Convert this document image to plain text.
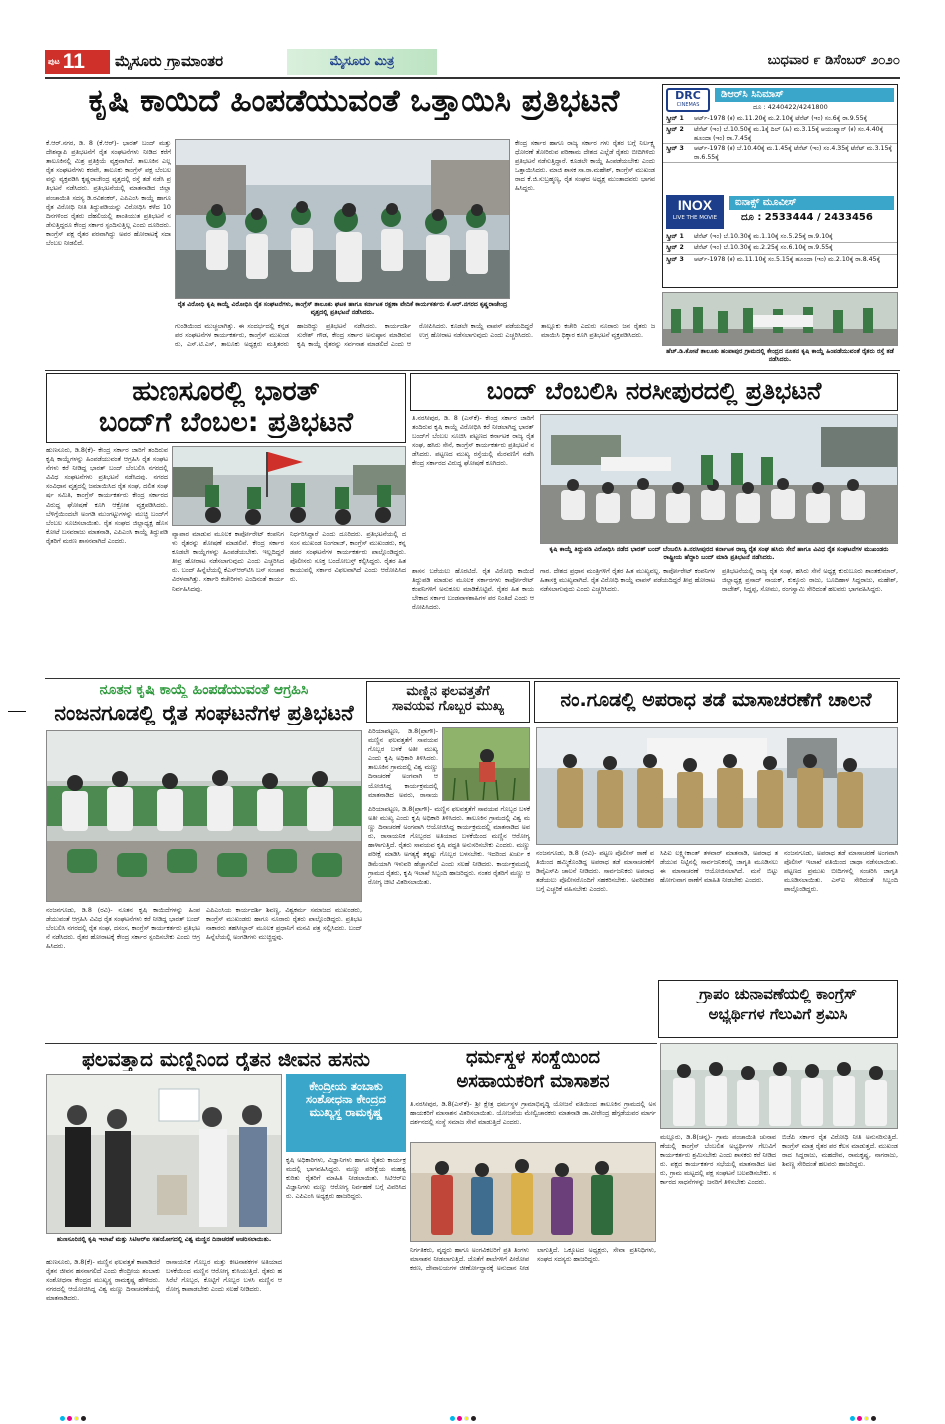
ಪುಟ 11 ಮೈಸೂರು ಗ್ರಾಮಾಂತರ	ಮೈಸೂರು ಮಿತ್ರ	ಬುಧವಾರ ೯ ಡಿಸೆಂಬರ್ ೨೦೨೦
ಕೃಷಿ ಕಾಯಿದೆ ಹಿಂಪಡೆಯುವಂತೆ ಒತ್ತಾಯಿಸಿ ಪ್ರತಿಭಟನೆ
ಕೆ.ಆರ್.ನಗರ, ಡಿ. 8 (ಕೆ.ಆರ್)- ಭಾರತ್ ಬಂದ್ ಮತ್ತು ದೇಶವ್ಯಾಪಿ ಪ್ರತಿಭಟನೆಗೆ ರೈತ ಸಂಘಟನೆಗಳು ನೀಡಿದ ಕರೆಗೆ ತಾಲೂಕಿನಲ್ಲಿ ಮಿಶ್ರ ಪ್ರತಿಕ್ರಿಯೆ ವ್ಯಕ್ತವಾಗಿದೆ. ತಾಲೂಕಿನ ಎಲ್ಲ ರೈತ ಸಂಘಟನೆಗಳು ಕರವೇ, ತಾಲೂಕು ಕಾಂಗ್ರೆಸ್ ಪಕ್ಷ ಬೆಂಬಲವನ್ನು ವ್ಯಕ್ತಪಡಿಸಿ ಕೃಷ್ಣರಾಜೇಂದ್ರ ವೃತ್ತದಲ್ಲಿ ರಸ್ತೆ ತಡೆ ನಡೆಸಿ ಪ್ರತಿಭಟನೆ ನಡೆಸಿದರು. ಪ್ರತಿಭಟನೆಯಲ್ಲಿ ಮಾತನಾಡಿದ ಜಿಲ್ಲಾ ಪಂಚಾಯಿತಿ ಸದಸ್ಯ ಡಿ.ರವಿಶಂಕರ್, ಎಪಿಎಂಸಿ ಕಾಯ್ದೆ ಹಾಗೂ ರೈತ ವಿರೋಧಿ ನೀತಿ ತಿದ್ದುಪಡಿಯನ್ನು ವಿರೋಧಿಸಿ ಕಳೆದ 10 ದಿನಗಳಿಂದ ರೈತರು ದೆಹಲಿಯಲ್ಲಿ ಶಾಂತಿಯುತ ಪ್ರತಿಭಟನೆ ನಡೆಸುತ್ತಿದ್ದರೂ ಕೇಂದ್ರ ಸರ್ಕಾರ ಸ್ಪಂದಿಸುತ್ತಿಲ್ಲ ಎಂದು ದೂರಿದರು. ಕಾಂಗ್ರೆಸ್ ಪಕ್ಷ ರೈತರ ಪರವಾಗಿದ್ದು ಅವರ ಹೋರಾಟಕ್ಕೆ ಸದಾ ಬೆಂಬಲ ನೀಡಲಿದೆ.
ರೈತ ವಿರೋಧಿ ಕೃಷಿ ಕಾಯ್ದೆ ವಿರೋಧಿಸಿ ರೈತ ಸಂಘಟನೆಗಳು, ಕಾಂಗ್ರೆಸ್ ತಾಲೂಕು ಘಟಕ ಹಾಗೂ ಕರ್ನಾಟಕ ರಕ್ಷಣಾ ವೇದಿಕೆ ಕಾರ್ಯಕರ್ತರು ಕೆ.ಆರ್.ನಗರದ ಕೃಷ್ಣರಾಜೇಂದ್ರ ವೃತ್ತದಲ್ಲಿ ಪ್ರತಿಭಟನೆ ನಡೆಸಿದರು.
ಕೇಂದ್ರ ಸರ್ಕಾರ ಹಾಗೂ ರಾಜ್ಯ ಸರ್ಕಾರ ಗಳು ರೈತರ ಬಗ್ಗೆ ನಿರ್ಲಕ್ಷ್ಯ ಧೋರಣೆ ತೋರಿರುವ ಪರಿಣಾಮ ದೇಶದ ಎಲ್ಲೆಡೆ ರೈತರು ಬೀದಿಗಿಳಿದು ಪ್ರತಿಭಟನೆ ನಡೆಸುತ್ತಿದ್ದಾರೆ. ಕೂಡಲೇ ಕಾಯ್ದೆ ಹಿಂಪಡೆಯಬೇಕು ಎಂದು ಒತ್ತಾಯಿಸಿದರು. ಮಾಜಿ ಶಾಸಕ ಸಾ.ರಾ.ಮಹೇಶ್, ಕಾಂಗ್ರೆಸ್ ಮುಖಂಡರಾದ ಕೆ.ಜಿ.ಸುಬ್ರಹ್ಮಣ್ಯ, ರೈತ ಸಂಘದ ಅಧ್ಯಕ್ಷ ಮುಂತಾದವರು ಭಾಗವಹಿಸಿದ್ದರು.
ಗುಂಡಿಯಿಂದ ಮುಚ್ಚಲಾಗಿತ್ತು. ಈ ಸಂದರ್ಭದಲ್ಲಿ ಕನ್ನಡ ಪರ ಸಂಘಟನೆಗಳ ಕಾರ್ಯಕರ್ತರು, ಕಾಂಗ್ರೆಸ್ ಮುಖಂಡರು, ಎಸ್.ಟಿ.ಎಸ್, ತಾಲೂಕು ಅಧ್ಯಕ್ಷರು ಮತ್ತಿತರರು ಹಾಜರಿದ್ದು ಪ್ರತಿಭಟನೆ ನಡೆಸಿದರು. ಕಾರ್ಯದರ್ಶಿ ಸುರೇಶ್ ಗೌಡ, ಕೇಂದ್ರ ಸರ್ಕಾರ ಅನುಷ್ಠಾನ ಮಾಡಿರುವ ಕೃಷಿ ಕಾಯ್ದೆ ರೈತರನ್ನು ಸರ್ವನಾಶ ಮಾಡಲಿದೆ ಎಂದು ಆರೋಪಿಸಿದರು. ಕೂಡಲೇ ಕಾಯ್ದೆ ವಾಪಸ್ ಪಡೆಯದಿದ್ದರೆ ಉಗ್ರ ಹೋರಾಟ ನಡೆಸಲಾಗುವುದು ಎಂದು ಎಚ್ಚರಿಸಿದರು. ತಾಲ್ಲೂಕು ಕಚೇರಿ ಎದುರು ನೂರಾರು ಜನ ರೈತರು ಜಮಾಯಿಸಿ ಧಿಕ್ಕಾರ ಕೂಗಿ ಪ್ರತಿಭಟನೆ ವ್ಯಕ್ತಪಡಿಸಿದರು.
DRC
CINEMAS
ಡಿಆರ್‌ಸಿ ಸಿನಿಮಾಸ್
ದೂ : 4240422/4241800
ಸ್ಕ್ರೀನ್ 1	ಆರ್ಟ್-1978 (ಕ) ಮ.11.20ಕ್ಕೆ ಮ.2.10ಕ್ಕೆ ಟೆನೆಟ್ (ಇಂ) ಸಂ.6ಕ್ಕೆ ರಾ.9.55ಕ್ಕೆ
ಸ್ಕ್ರೀನ್ 2	ಟೆನೆಟ್ (ಇಂ) ಬೆ.10.50ಕ್ಕೆ ಮ.1ಕ್ಕೆ ದಿಲ್ (ಹಿ) ಮ.3.15ಕ್ಕೆ ಆಯುಷ್ಮಾನ್ (ಕ) ಸಂ.4.40ಕ್ಕೆ ಹೂಂದಾ (ಇಂ) ರಾ.7.45ಕ್ಕೆ
ಸ್ಕ್ರೀನ್ 3	ಆರ್ಟ್-1978 (ಕ) ಬೆ.10.40ಕ್ಕೆ ಮ.1.45ಕ್ಕೆ ಟೆನೆಟ್ (ಇಂ) ಸಂ.4.35ಕ್ಕೆ ಟೆನೆಟ್ ಮ.3.15ಕ್ಕೆ ರಾ.6.55ಕ್ಕೆ
INOX
LIVE THE MOVIE
ಐನಾಕ್ಸ್ ಮೂವೀಸ್
ದೂ : 2533444 / 2433456
ಸ್ಕ್ರೀನ್ 1	ಟೆನೆಟ್ (ಇಂ) ಬೆ.10.30ಕ್ಕೆ ಮ.1.10ಕ್ಕೆ ಸಂ.5.25ಕ್ಕೆ ರಾ.9.10ಕ್ಕೆ
ಸ್ಕ್ರೀನ್ 2	ಟೆನೆಟ್ (ಇಂ) ಬೆ.10.30ಕ್ಕೆ ಮ.2.25ಕ್ಕೆ ಸಂ.6.10ಕ್ಕೆ ರಾ.9.55ಕ್ಕೆ
ಸ್ಕ್ರೀನ್ 3	ಆರ್ಟ್-1978 (ಕ) ಮ.11.10ಕ್ಕೆ ಸಂ.5.15ಕ್ಕೆ ಹೂಂದಾ (ಇಂ) ಮ.2.10ಕ್ಕೆ ರಾ.8.45ಕ್ಕೆ
ಹೆಚ್.ಡಿ.ಕೋಟೆ ತಾಲೂಕು ಹಂಪಾಪುರ ಗ್ರಾಮದಲ್ಲಿ ಕೇಂದ್ರದ ನೂತನ ಕೃಷಿ ಕಾಯ್ದೆ ಹಿಂಪಡೆಯುವಂತೆ ರೈತರು ರಸ್ತೆ ತಡೆ ನಡೆಸಿದರು.
ಹುಣಸೂರಲ್ಲಿ ಭಾರತ್
ಬಂದ್‌ಗೆ ಬೆಂಬಲ: ಪ್ರತಿಭಟನೆ
ಹುಣಸೂರು, ಡಿ.8(ಕೆ)- ಕೇಂದ್ರ ಸರ್ಕಾರ ಜಾರಿಗೆ ತಂದಿರುವ ಕೃಷಿ ಕಾಯ್ದೆಗಳನ್ನು ಹಿಂಪಡೆಯುವಂತೆ ಆಗ್ರಹಿಸಿ ರೈತ ಸಂಘಟನೆಗಳು ಕರೆ ನೀಡಿದ್ದ ಭಾರತ್ ಬಂದ್ ಬೆಂಬಲಿಸಿ ನಗರದಲ್ಲಿ ವಿವಿಧ ಸಂಘಟನೆಗಳು ಪ್ರತಿಭಟನೆ ನಡೆಸಿದವು. ನಗರದ ಸಂವಿಧಾನ ವೃತ್ತದಲ್ಲಿ ಜಮಾಯಿಸಿದ ರೈತ ಸಂಘ, ದಲಿತ ಸಂಘರ್ಷ ಸಮಿತಿ, ಕಾಂಗ್ರೆಸ್ ಕಾರ್ಯಕರ್ತರು ಕೇಂದ್ರ ಸರ್ಕಾರದ ವಿರುದ್ಧ ಘೋಷಣೆ ಕೂಗಿ ಆಕ್ರೋಶ ವ್ಯಕ್ತಪಡಿಸಿದರು. ಬೆಳಿಗ್ಗೆಯಿಂದಲೇ ಅಂಗಡಿ ಮುಂಗಟ್ಟುಗಳನ್ನು ಮುಚ್ಚಿ ಬಂದ್‌ಗೆ ಬೆಂಬಲ ಸೂಚಿಸಲಾಯಿತು. ರೈತ ಸಂಘದ ಜಿಲ್ಲಾಧ್ಯಕ್ಷ ಹೊಸಕೋಟೆ ಬಸವರಾಜು ಮಾತನಾಡಿ, ಎಪಿಎಂಸಿ ಕಾಯ್ದೆ ತಿದ್ದುಪಡಿ ರೈತರಿಗೆ ಮರಣ ಶಾಸನವಾಗಿದೆ ಎಂದರು.
ವ್ಯಾಪಾರ ಮಾಡುವ ಮೂಲಕ ಕಾರ್ಪೋರೇಟ್ ಕಂಪನಿಗಳು ರೈತರನ್ನು ಶೋಷಣೆ ಮಾಡಲಿವೆ. ಕೇಂದ್ರ ಸರ್ಕಾರ ಕೂಡಲೇ ಕಾಯ್ದೆಗಳನ್ನು ಹಿಂಪಡೆಯಬೇಕು. ಇಲ್ಲದಿದ್ದರೆ ತೀವ್ರ ಹೋರಾಟ ನಡೆಸಲಾಗುವುದು ಎಂದು ಎಚ್ಚರಿಸಿದರು. ಬಂದ್ ಹಿನ್ನೆಲೆಯಲ್ಲಿ ಕೆಎಸ್‌ಆರ್‌ಟಿಸಿ ಬಸ್ ಸಂಚಾರ ವಿರಳವಾಗಿತ್ತು. ಸರ್ಕಾರಿ ಕಚೇರಿಗಳು ಎಂದಿನಂತೆ ಕಾರ್ಯನಿರ್ವಹಿಸಿದವು.
ನಿರ್ಧರಿಸಿದ್ದಾರೆ ಎಂದು ದೂರಿದರು. ಪ್ರತಿಭಟನೆಯಲ್ಲಿ ದಸಂಸ ಮುಖಂಡ ನಿಂಗರಾಜ್, ಕಾಂಗ್ರೆಸ್ ಮುಖಂಡರು, ಕನ್ನಡಪರ ಸಂಘಟನೆಗಳ ಕಾರ್ಯಕರ್ತರು ಪಾಲ್ಗೊಂಡಿದ್ದರು. ಪೊಲೀಸರು ಸೂಕ್ತ ಬಂದೋಬಸ್ತ್ ಕಲ್ಪಿಸಿದ್ದರು. ರೈತರ ಹಿತ ಕಾಯುವಲ್ಲಿ ಸರ್ಕಾರ ವಿಫಲವಾಗಿದೆ ಎಂದು ಆರೋಪಿಸಿದರು.
ಬಂದ್ ಬೆಂಬಲಿಸಿ ನರಸೀಪುರದಲ್ಲಿ ಪ್ರತಿಭಟನೆ
ತಿ.ನರಸೀಪುರ, ಡಿ. 8 (ಎಸ್‌ಕೆ)- ಕೇಂದ್ರ ಸರ್ಕಾರ ಜಾರಿಗೆ ತಂದಿರುವ ಕೃಷಿ ಕಾಯ್ದೆ ವಿರೋಧಿಸಿ ಕರೆ ನೀಡಲಾಗಿದ್ದ ಭಾರತ್ ಬಂದ್‌ಗೆ ಬೆಂಬಲ ಸೂಚಿಸಿ ಪಟ್ಟಣದ ಕರ್ನಾಟಕ ರಾಜ್ಯ ರೈತ ಸಂಘ, ಹಸಿರು ಸೇನೆ, ಕಾಂಗ್ರೆಸ್ ಕಾರ್ಯಕರ್ತರು ಪ್ರತಿಭಟನೆ ನಡೆಸಿದರು. ಪಟ್ಟಣದ ಮುಖ್ಯ ರಸ್ತೆಯಲ್ಲಿ ಮೆರವಣಿಗೆ ನಡೆಸಿ ಕೇಂದ್ರ ಸರ್ಕಾರದ ವಿರುದ್ಧ ಘೋಷಣೆ ಕೂಗಿದರು.
ಕೃಷಿ ಕಾಯ್ದೆ ತಿದ್ದುಪಡಿ ವಿರೋಧಿಸಿ ನಡೆದ ಭಾರತ್ ಬಂದ್ ಬೆಂಬಲಿಸಿ ತಿ.ನರಸೀಪುರದ ಕರ್ನಾಟಕ ರಾಜ್ಯ ರೈತ ಸಂಘ ಹಸಿರು ಸೇನೆ ಹಾಗೂ ವಿವಿಧ ರೈತ ಸಂಘಟನೆಗಳ ಮುಖಂಡರು ರಾಷ್ಟ್ರೀಯ ಹೆದ್ದಾರಿ ಬಂದ್ ಮಾಡಿ ಪ್ರತಿಭಟನೆ ನಡೆಸಿದರು.
ಶಾಸನ ಬರೆಯಲು ಹೊರಟಿದೆ. ರೈತ ವಿರೋಧಿ ಕಾಯಿದೆ ತಿದ್ದುಪಡಿ ಮಾಡುವ ಮೂಲಕ ಸರ್ಕಾರಗಳು ಕಾರ್ಪೋರೇಟ್ ಕಂಪನಿಗಳಿಗೆ ಅನುಕೂಲ ಮಾಡಿಕೊಟ್ಟಿವೆ. ರೈತರ ಹಿತ ಕಾಯಬೇಕಾದ ಸರ್ಕಾರ ಬಂಡವಾಳಶಾಹಿಗಳ ಪರ ನಿಂತಿದೆ ಎಂದು ಆರೋಪಿಸಿದರು.
ಗಾರ. ದೇಶದ ಪ್ರಧಾನ ಮಂತ್ರಿಗಳಿಗೆ ರೈತರ ಹಿತ ಮುಖ್ಯವಲ್ಲ. ಕಾರ್ಪೋರೇಟ್ ಕಂಪನಿಗಳ ಹಿತಾಸಕ್ತಿ ಮುಖ್ಯವಾಗಿದೆ. ರೈತ ವಿರೋಧಿ ಕಾಯ್ದೆ ವಾಪಸ್ ಪಡೆಯದಿದ್ದರೆ ತೀವ್ರ ಹೋರಾಟ ನಡೆಸಲಾಗುವುದು ಎಂದು ಎಚ್ಚರಿಸಿದರು.
ಪ್ರತಿಭಟನೆಯಲ್ಲಿ ರಾಜ್ಯ ರೈತ ಸಂಘ, ಹಸಿರು ಸೇನೆ ಅಧ್ಯಕ್ಷ ಕುರುಬೂರು ಶಾಂತಕುಮಾರ್, ಜಿಲ್ಲಾಧ್ಯಕ್ಷ ಪ್ರಸಾದ್ ನಾಯಕ್, ಕುಕ್ಕೂರು ರಾಜು, ಬೂದಿಹಾಳ ಸಿದ್ದರಾಜು, ಮಹೇಶ್, ರಾಜೇಶ್, ಸಿದ್ದಪ್ಪ, ಸೋಮು, ರಂಗಸ್ವಾಮಿ ಸೇರಿದಂತೆ ಹಲವರು ಭಾಗವಹಿಸಿದ್ದರು.
ನೂತನ ಕೃಷಿ ಕಾಯ್ದೆ ಹಿಂಪಡೆಯುವಂತೆ ಆಗ್ರಹಿಸಿ
ನಂಜನಗೂಡಲ್ಲಿ ರೈತ ಸಂಘಟನೆಗಳ ಪ್ರತಿಭಟನೆ
ನಂಜನಗೂಡು, ಡಿ.8 (ರವಿ)- ನೂತನ ಕೃಷಿ ಕಾಯಿದೆಗಳನ್ನು ಹಿಂಪಡೆಯುವಂತೆ ಆಗ್ರಹಿಸಿ ವಿವಿಧ ರೈತ ಸಂಘಟನೆಗಳು ಕರೆ ನೀಡಿದ್ದ ಭಾರತ್ ಬಂದ್ ಬೆಂಬಲಿಸಿ ನಗರದಲ್ಲಿ ರೈತ ಸಂಘ, ದಸಂಸ, ಕಾಂಗ್ರೆಸ್ ಕಾರ್ಯಕರ್ತರು ಪ್ರತಿಭಟನೆ ನಡೆಸಿದರು. ರೈತರ ಹೋರಾಟಕ್ಕೆ ಕೇಂದ್ರ ಸರ್ಕಾರ ಸ್ಪಂದಿಸಬೇಕು ಎಂದು ಆಗ್ರಹಿಸಿದರು.
ಎಪಿಎಂಸಿಯ ಕಾರ್ಯದರ್ಶಿ ಶಿವಣ್ಣ, ವಿಶ್ವಕರ್ಮ ಸಮಾಜದ ಮುಖಂಡರು, ಕಾಂಗ್ರೆಸ್ ಮುಖಂಡರು ಹಾಗೂ ನೂರಾರು ರೈತರು ಪಾಲ್ಗೊಂಡಿದ್ದರು. ಪ್ರತಿಭಟನಾಕಾರರು ತಹಸೀಲ್ದಾರ್ ಮೂಲಕ ಪ್ರಧಾನಿಗೆ ಮನವಿ ಪತ್ರ ಸಲ್ಲಿಸಿದರು. ಬಂದ್ ಹಿನ್ನೆಲೆಯಲ್ಲಿ ಅಂಗಡಿಗಳು ಮುಚ್ಚಿದ್ದವು.
ಮಣ್ಣಿನ ಫಲವತ್ತತೆಗೆ
ಸಾವಯವ ಗೊಬ್ಬರ ಮುಖ್ಯ
ಪಿರಿಯಾಪಟ್ಟಣ, ಡಿ.8(ಪ್ರಾಗೌ)- ಮಣ್ಣಿನ ಫಲವತ್ತತೆಗೆ ಸಾವಯವ ಗೊಬ್ಬರ ಬಳಕೆ ಅತೀ ಮುಖ್ಯ ಎಂದು ಕೃಷಿ ಅಧಿಕಾರಿ ತಿಳಿಸಿದರು. ತಾಲೂಕಿನ ಗ್ರಾಮದಲ್ಲಿ ವಿಶ್ವ ಮಣ್ಣು ದಿನಾಚರಣೆ ಅಂಗವಾಗಿ ಆಯೋಜಿಸಿದ್ದ ಕಾರ್ಯಕ್ರಮದಲ್ಲಿ ಮಾತನಾಡಿದ ಅವರು, ರಾಸಾಯ
ನಂ.ಗೂಡಲ್ಲಿ ಅಪರಾಧ ತಡೆ ಮಾಸಾಚರಣೆಗೆ ಚಾಲನೆ
ಪಿರಿಯಾಪಟ್ಟಣ, ಡಿ.8(ಪ್ರಾಗೌ)- ಮಣ್ಣಿನ ಫಲವತ್ತತೆಗೆ ಸಾವಯವ ಗೊಬ್ಬರ ಬಳಕೆ ಅತೀ ಮುಖ್ಯ ಎಂದು ಕೃಷಿ ಅಧಿಕಾರಿ ತಿಳಿಸಿದರು. ತಾಲೂಕಿನ ಗ್ರಾಮದಲ್ಲಿ ವಿಶ್ವ ಮಣ್ಣು ದಿನಾಚರಣೆ ಅಂಗವಾಗಿ ಆಯೋಜಿಸಿದ್ದ ಕಾರ್ಯಕ್ರಮದಲ್ಲಿ ಮಾತನಾಡಿದ ಅವರು, ರಾಸಾಯನಿಕ ಗೊಬ್ಬರದ ಅತಿಯಾದ ಬಳಕೆಯಿಂದ ಮಣ್ಣಿನ ಆರೋಗ್ಯ ಹಾಳಾಗುತ್ತಿದೆ. ರೈತರು ಸಾವಯವ ಕೃಷಿ ಪದ್ಧತಿ ಅನುಸರಿಸಬೇಕು ಎಂದರು. ಮಣ್ಣು ಪರೀಕ್ಷೆ ಮಾಡಿಸಿ ಅಗತ್ಯಕ್ಕೆ ತಕ್ಕಷ್ಟು ಗೊಬ್ಬರ ಬಳಸಬೇಕು. ಇದರಿಂದ ಖರ್ಚು ಕಡಿಮೆಯಾಗಿ ಇಳುವರಿ ಹೆಚ್ಚಾಗಲಿದೆ ಎಂದು ಸಲಹೆ ನೀಡಿದರು. ಕಾರ್ಯಕ್ರಮದಲ್ಲಿ ಗ್ರಾಮದ ರೈತರು, ಕೃಷಿ ಇಲಾಖೆ ಸಿಬ್ಬಂದಿ ಹಾಜರಿದ್ದರು. ನಂತರ ರೈತರಿಗೆ ಮಣ್ಣು ಆರೋಗ್ಯ ಚೀಟಿ ವಿತರಿಸಲಾಯಿತು.
ನಂಜನಗೂಡು, ಡಿ.8 (ರವಿ)- ಪಟ್ಟಣ ಪೊಲೀಸ್ ಠಾಣೆ ವತಿಯಿಂದ ಹಮ್ಮಿಕೊಂಡಿದ್ದ ಅಪರಾಧ ತಡೆ ಮಾಸಾಚರಣೆಗೆ ಡಿವೈಎಸ್‌ಪಿ ಚಾಲನೆ ನೀಡಿದರು. ಸಾರ್ವಜನಿಕರು ಅಪರಾಧ ತಡೆಯಲು ಪೊಲೀಸರೊಂದಿಗೆ ಸಹಕರಿಸಬೇಕು. ಅಪರಿಚಿತರ ಬಗ್ಗೆ ಎಚ್ಚರಿಕೆ ವಹಿಸಬೇಕು ಎಂದರು.
ಸಿಪಿಐ ಲಕ್ಷ್ಮೀಕಾಂತ್ ತಳವಾರ್ ಮಾತನಾಡಿ, ಅಪರಾಧ ತಡೆಯುವ ನಿಟ್ಟಿನಲ್ಲಿ ಸಾರ್ವಜನಿಕರಲ್ಲಿ ಜಾಗೃತಿ ಮೂಡಿಸಲು ಈ ಮಾಸಾಚರಣೆ ಆಯೋಜಿಸಲಾಗಿದೆ. ಮನೆ ಬಿಟ್ಟು ಹೋಗುವಾಗ ಠಾಣೆಗೆ ಮಾಹಿತಿ ನೀಡಬೇಕು ಎಂದರು.
ನಂಜನಗೂಡು, ಅಪರಾಧ ತಡೆ ಮಾಸಾಚರಣೆ ಅಂಗವಾಗಿ ಪೊಲೀಸ್ ಇಲಾಖೆ ವತಿಯಿಂದ ಜಾಥಾ ನಡೆಸಲಾಯಿತು. ಪಟ್ಟಣದ ಪ್ರಮುಖ ಬೀದಿಗಳಲ್ಲಿ ಸಂಚರಿಸಿ ಜಾಗೃತಿ ಮೂಡಿಸಲಾಯಿತು. ಎಸ್‌ಐ ಸೇರಿದಂತೆ ಸಿಬ್ಬಂದಿ ಪಾಲ್ಗೊಂಡಿದ್ದರು.
ಗ್ರಾಪಂ ಚುನಾವಣೆಯಲ್ಲಿ ಕಾಂಗ್ರೆಸ್
ಅಭ್ಯರ್ಥಿಗಳ ಗೆಲುವಿಗೆ ಶ್ರಮಿಸಿ
ಮಲ್ಲೂರು, ಡಿ.8(ಚನ್ನ)- ಗ್ರಾಮ ಪಂಚಾಯಿತಿ ಚುನಾವಣೆಯಲ್ಲಿ ಕಾಂಗ್ರೆಸ್ ಬೆಂಬಲಿತ ಅಭ್ಯರ್ಥಿಗಳ ಗೆಲುವಿಗೆ ಕಾರ್ಯಕರ್ತರು ಶ್ರಮಿಸಬೇಕು ಎಂದು ಶಾಸಕರು ಕರೆ ನೀಡಿದರು. ಪಕ್ಷದ ಕಾರ್ಯಕರ್ತರ ಸಭೆಯಲ್ಲಿ ಮಾತನಾಡಿದ ಅವರು, ಗ್ರಾಮ ಮಟ್ಟದಲ್ಲಿ ಪಕ್ಷ ಸಂಘಟನೆ ಬಲಪಡಿಸಬೇಕು. ಸರ್ಕಾರದ ಸಾಧನೆಗಳನ್ನು ಜನರಿಗೆ ತಿಳಿಸಬೇಕು ಎಂದರು.
ಬಿಜೆಪಿ ಸರ್ಕಾರ ರೈತ ವಿರೋಧಿ ನೀತಿ ಅನುಸರಿಸುತ್ತಿದೆ. ಕಾಂಗ್ರೆಸ್ ಮಾತ್ರ ರೈತರ ಪರ ಕೆಲಸ ಮಾಡುತ್ತದೆ. ಮುಖಂಡರಾದ ಸಿದ್ದರಾಜು, ಮಹದೇವ, ರಾಮಕೃಷ್ಣ, ನಾಗರಾಜು, ಶಿವಣ್ಣ ಸೇರಿದಂತೆ ಹಲವರು ಹಾಜರಿದ್ದರು.
ಫಲವತ್ತಾದ ಮಣ್ಣಿನಿಂದ ರೈತನ ಜೀವನ ಹಸನು
ಕೇಂದ್ರೀಯ ತಂಬಾಕು
ಸಂಶೋಧನಾ ಕೇಂದ್ರದ
ಮುಖ್ಯಸ್ಥ ರಾಮಕೃಷ್ಣ
ಕೃಷಿ ಅಧಿಕಾರಿಗಳು, ವಿಜ್ಞಾನಿಗಳು ಹಾಗೂ ರೈತರು ಕಾರ್ಯಕ್ರಮದಲ್ಲಿ ಭಾಗವಹಿಸಿದ್ದರು. ಮಣ್ಣು ಪರೀಕ್ಷೆಯ ಮಹತ್ವ ಕುರಿತು ರೈತರಿಗೆ ಮಾಹಿತಿ ನೀಡಲಾಯಿತು. ಸಿಟಿಆರ್‌ಐ ವಿಜ್ಞಾನಿಗಳು ಮಣ್ಣು ಆರೋಗ್ಯ ನಿರ್ವಹಣೆ ಬಗ್ಗೆ ವಿವರಿಸಿದರು. ಎಪಿಎಂಸಿ ಅಧ್ಯಕ್ಷರು ಹಾಜರಿದ್ದರು.
ಹುಣಸೂರಿನಲ್ಲಿ ಕೃಷಿ ಇಲಾಖೆ ಮತ್ತು ಸಿಟಿಆರ್‌ಐ ಸಹಯೋಗದಲ್ಲಿ ವಿಶ್ವ ಮಣ್ಣಿನ ದಿನಾಚರಣೆ ಆಚರಿಸಲಾಯಿತು.
ಹುಣಸೂರು, ಡಿ.8(ಕೆ)- ಮಣ್ಣಿನ ಫಲವತ್ತತೆ ಕಾಪಾಡಿದರೆ ರೈತನ ಜೀವನ ಹಸನಾಗಲಿದೆ ಎಂದು ಕೇಂದ್ರೀಯ ತಂಬಾಕು ಸಂಶೋಧನಾ ಕೇಂದ್ರದ ಮುಖ್ಯಸ್ಥ ರಾಮಕೃಷ್ಣ ಹೇಳಿದರು. ನಗರದಲ್ಲಿ ಆಯೋಜಿಸಿದ್ದ ವಿಶ್ವ ಮಣ್ಣು ದಿನಾಚರಣೆಯಲ್ಲಿ ಮಾತನಾಡಿದರು.
ರಾಸಾಯನಿಕ ಗೊಬ್ಬರ ಮತ್ತು ಕೀಟನಾಶಕಗಳ ಅತಿಯಾದ ಬಳಕೆಯಿಂದ ಮಣ್ಣಿನ ಆರೋಗ್ಯ ಕುಸಿಯುತ್ತಿದೆ. ರೈತರು ಹಸಿರೆಲೆ ಗೊಬ್ಬರ, ಕೊಟ್ಟಿಗೆ ಗೊಬ್ಬರ ಬಳಸಿ ಮಣ್ಣಿನ ಆರೋಗ್ಯ ಕಾಪಾಡಬೇಕು ಎಂದು ಸಲಹೆ ನೀಡಿದರು.
ಧರ್ಮಸ್ಥಳ ಸಂಸ್ಥೆಯಿಂದ
ಅಸಹಾಯಕರಿಗೆ ಮಾಸಾಶನ
ತಿ.ನರಸೀಪುರ, ಡಿ.8(ಎಸ್‌ಕೆ)- ಶ್ರೀ ಕ್ಷೇತ್ರ ಧರ್ಮಸ್ಥಳ ಗ್ರಾಮಾಭಿವೃದ್ಧಿ ಯೋಜನೆ ವತಿಯಿಂದ ತಾಲೂಕಿನ ಗ್ರಾಮದಲ್ಲಿ ಅಸಹಾಯಕರಿಗೆ ಮಾಸಾಶನ ವಿತರಿಸಲಾಯಿತು. ಯೋಜನೆಯ ಮೇಲ್ವಿಚಾರಕರು ಮಾತನಾಡಿ ಡಾ.ವೀರೇಂದ್ರ ಹೆಗ್ಗಡೆಯವರ ಮಾರ್ಗದರ್ಶನದಲ್ಲಿ ಸಂಸ್ಥೆ ಸಮಾಜ ಸೇವೆ ಮಾಡುತ್ತಿದೆ ಎಂದರು.
ನಿರ್ಗತಿಕರು, ವೃದ್ಧರು ಹಾಗೂ ಅಂಗವಿಕಲರಿಗೆ ಪ್ರತಿ ತಿಂಗಳು ಮಾಸಾಶನ ನೀಡಲಾಗುತ್ತಿದೆ. ಜೊತೆಗೆ ಶಾಲೆಗಳಿಗೆ ಪೀಠೋಪಕರಣ, ದೇವಾಲಯಗಳ ಜೀರ್ಣೋದ್ಧಾರಕ್ಕೆ ಅನುದಾನ ನೀಡಲಾಗುತ್ತಿದೆ. ಒಕ್ಕೂಟದ ಅಧ್ಯಕ್ಷರು, ಸೇವಾ ಪ್ರತಿನಿಧಿಗಳು, ಸಂಘದ ಸದಸ್ಯರು ಹಾಜರಿದ್ದರು.
